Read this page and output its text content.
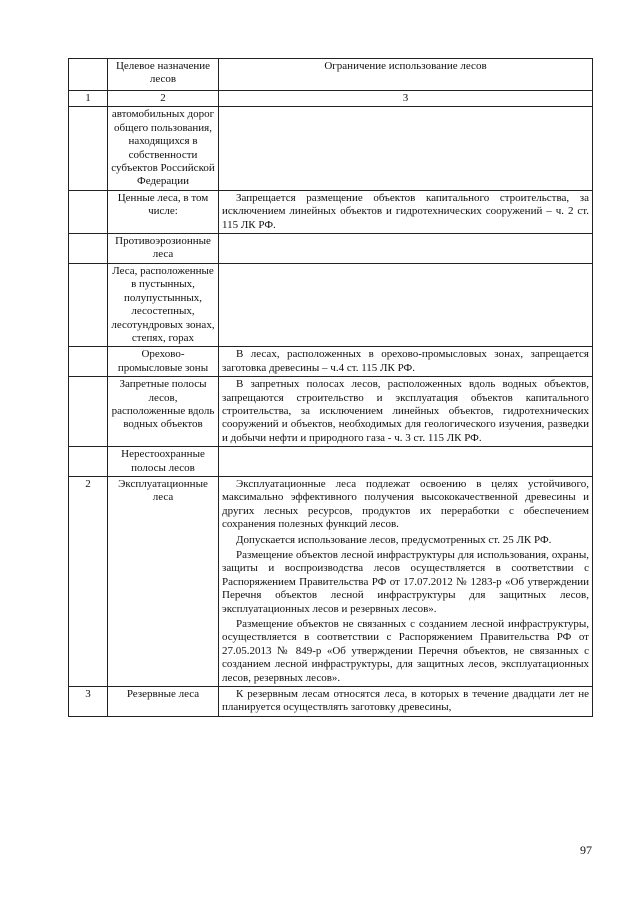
	Целевое назначение лесов	Ограничение использование лесов
1	2	3
	автомобильных дорог общего пользования, находящихся в собственности субъектов Российской Федерации	
	Ценные леса, в том числе:	Запрещается размещение объектов капитального строительства, за исключением линейных объектов и гидротехнических сооружений – ч. 2 ст. 115 ЛК РФ.

	Противоэрозионные леса	
	Леса, расположенные в пустынных, полупустынных, лесостепных, лесотундровых зонах, степях, горах	
	Орехово-промысловые зоны	В лесах, расположенных в орехово-промысловых зонах, запрещается заготовка древесины – ч.4 ст. 115 ЛК РФ.

	Запретные полосы лесов, расположенные вдоль водных объектов	В запретных полосах лесов, расположенных вдоль водных объектов, запрещаются строительство и эксплуатация объектов капитального строительства, за исключением линейных объектов, гидротехнических сооружений и объектов, необходимых для геологического изучения, разведки и добычи нефти и природного газа - ч. 3 ст. 115 ЛК РФ.

	Нерестоохранные полосы лесов	
2	Эксплуатационные леса	Эксплуатационные леса подлежат освоению в целях устойчивого, максимально эффективного получения высококачественной древесины и других лесных ресурсов, продуктов их переработки с обеспечением сохранения полезных функций лесов.

Допускается использование лесов, предусмотренных ст. 25 ЛК РФ.

Размещение объектов лесной инфраструктуры для использования, охраны, защиты и воспроизводства лесов осуществляется в соответствии с Распоряжением Правительства РФ от 17.07.2012 № 1283-р «Об утверждении Перечня объектов лесной инфраструктуры для защитных лесов, эксплуатационных лесов и резервных лесов».

Размещение объектов не связанных с созданием лесной инфраструктуры, осуществляется в соответствии с Распоряжением Правительства РФ от 27.05.2013 № 849-р «Об утверждении Перечня объектов, не связанных с созданием лесной инфраструктуры, для защитных лесов, эксплуатационных лесов, резервных лесов».

3	Резервные леса	К резервным лесам относятся леса, в которых в течение двадцати лет не планируется осуществлять заготовку древесины,

97
